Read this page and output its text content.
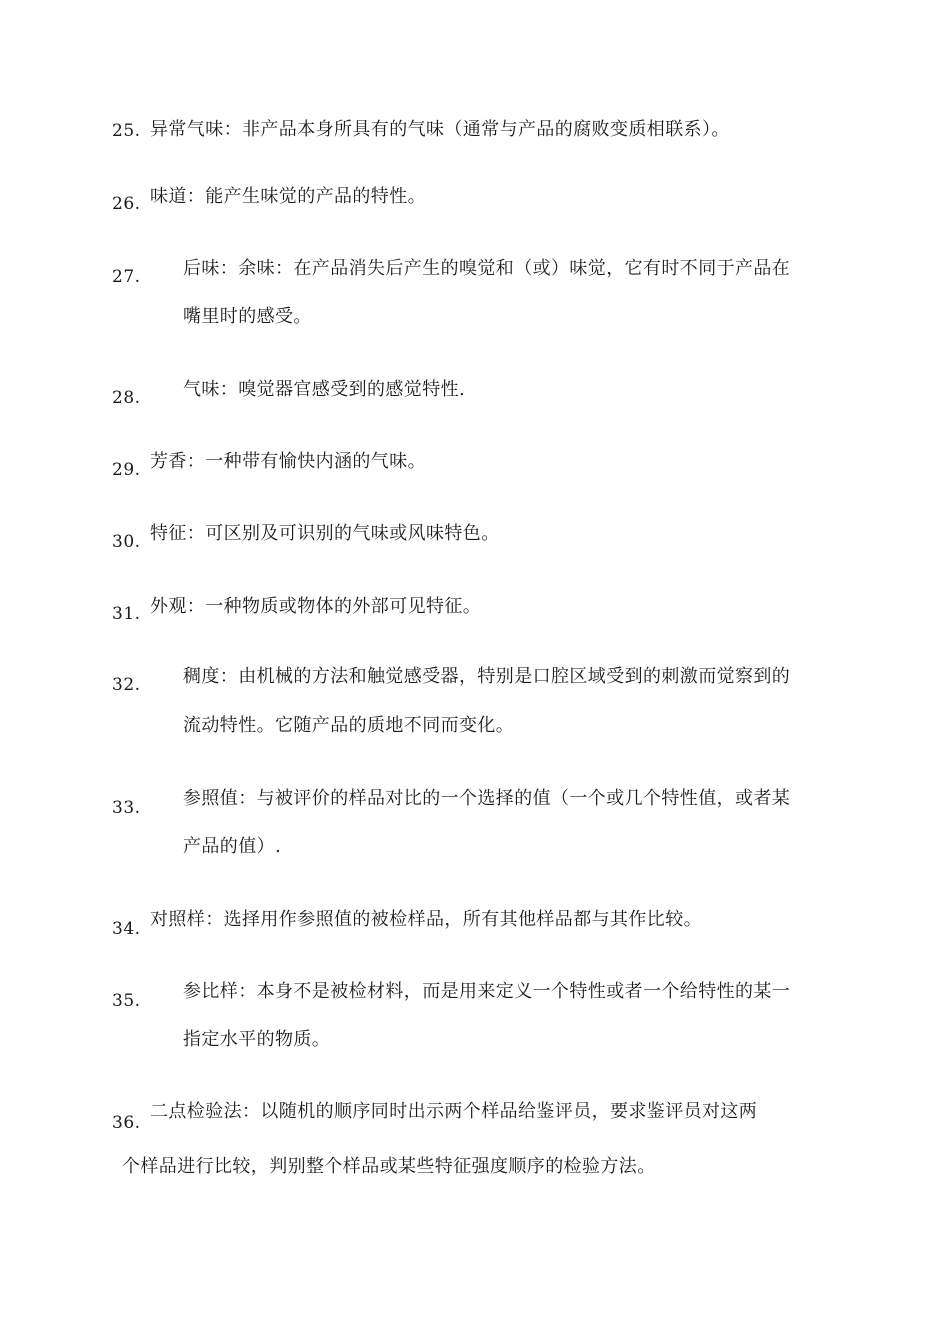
25. 异常气味：非产品本身所具有的气味（通常与产品的腐败变质相联系）。
26. 味道：能产生味觉的产品的特性。
27. 后味：余味：在产品消失后产生的嗅觉和（或）味觉，它有时不同于产品在
嘴里时的感受。
28. 气味：嗅觉器官感受到的感觉特性.
29. 芳香：一种带有愉快内涵的气味。
30. 特征：可区别及可识别的气味或风味特色。
31. 外观：一种物质或物体的外部可见特征。
32. 稠度：由机械的方法和触觉感受器，特别是口腔区域受到的刺激而觉察到的
流动特性。它随产品的质地不同而变化。
33. 参照值：与被评价的样品对比的一个选择的值（一个或几个特性值，或者某
产品的值）.
34. 对照样：选择用作参照值的被检样品，所有其他样品都与其作比较。
35. 参比样：本身不是被检材料，而是用来定义一个特性或者一个给特性的某一
指定水平的物质。
36.
二点检验法：以随机的顺序同时出示两个样品给鉴评员，要求鉴评员对这两
个样品进行比较，判别整个样品或某些特征强度顺序的检验方法。
